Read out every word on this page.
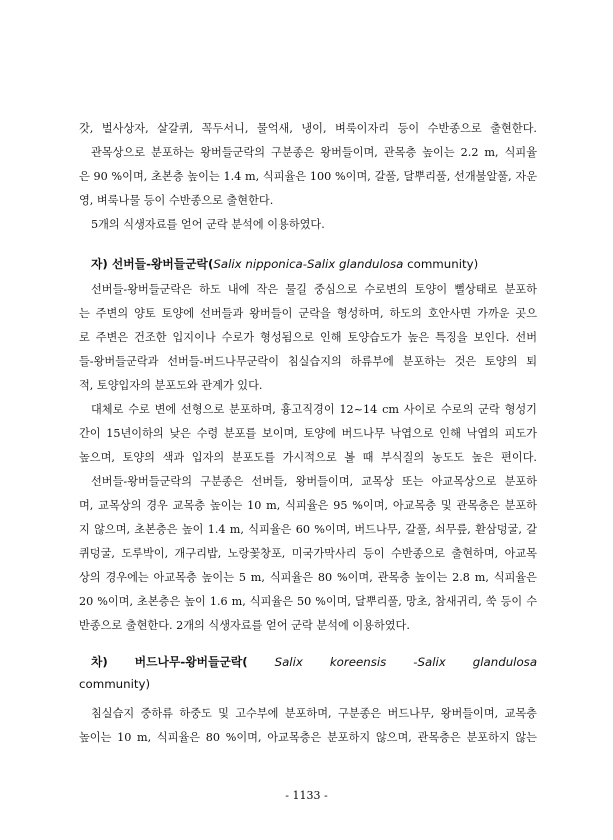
갓, 벌사상자, 살갈퀴, 꼭두서니, 물억새, 냉이, 벼룩이자리 등이 수반종으로 출현한다.
관목상으로 분포하는 왕버들군락의 구분종은 왕버들이며, 관목층 높이는 2.2 m, 식피율
은 90 %이며, 초본층 높이는 1.4 m, 식피율은 100 %이며, 갈풀, 달뿌리풀, 선개불알풀, 자운
영, 벼룩나물 등이 수반종으로 출현한다.
5개의 식생자료를 얻어 군락 분석에 이용하였다.
자) 선버들-왕버들군락(Salix nipponica-Salix glandulosa community)
선버들-왕버들군락은 하도 내에 작은 물길 중심으로 수로변의 토양이 뻘상태로 분포하
는 주변의 양토 토양에 선버들과 왕버들이 군락을 형성하며, 하도의 호안사면 가까운 곳으
로 주변은 건조한 입지이나 수로가 형성됨으로 인해 토양습도가 높은 특징을 보인다. 선버
들-왕버들군락과 선버들-버드나무군락이 침실습지의 하류부에 분포하는 것은 토양의 퇴
적, 토양입자의 분포도와 관계가 있다.
대체로 수로 변에 선형으로 분포하며, 흉고직경이 12~14 cm 사이로 수로의 군락 형성기
간이 15년이하의 낮은 수령 분포를 보이며, 토양에 버드나무 낙엽으로 인해 낙엽의 피도가
높으며, 토양의 색과 입자의 분포도를 가시적으로 볼 때 부식질의 농도도 높은 편이다.
선버들-왕버들군락의 구분종은 선버들, 왕버들이며, 교목상 또는 아교목상으로 분포하
며, 교목상의 경우 교목층 높이는 10 m, 식피율은 95 %이며, 아교목층 및 관목층은 분포하
지 않으며, 초본층은 높이 1.4 m, 식피율은 60 %이며, 버드나무, 갈풀, 쇠무릎, 환삼덩굴, 갈
퀴덩굴, 도루박이, 개구리밥, 노랑꽃창포, 미국가막사리 등이 수반종으로 출현하며, 아교목
상의 경우에는 아교목층 높이는 5 m, 식피율은 80 %이며, 관목층 높이는 2.8 m, 식피율은
20 %이며, 초본층은 높이 1.6 m, 식피율은 50 %이며, 달뿌리풀, 망초, 참새귀리, 쑥 등이 수
반종으로 출현한다. 2개의 식생자료를 얻어 군락 분석에 이용하였다.
차) 버드나무-왕버들군락( Salix koreensis -Salix glandulosa
community)
침실습지 중하류 하중도 및 고수부에 분포하며, 구분종은 버드나무, 왕버들이며, 교목층
높이는 10 m, 식피율은 80 %이며, 아교목층은 분포하지 않으며, 관목층은 분포하지 않는
- 1133 -
